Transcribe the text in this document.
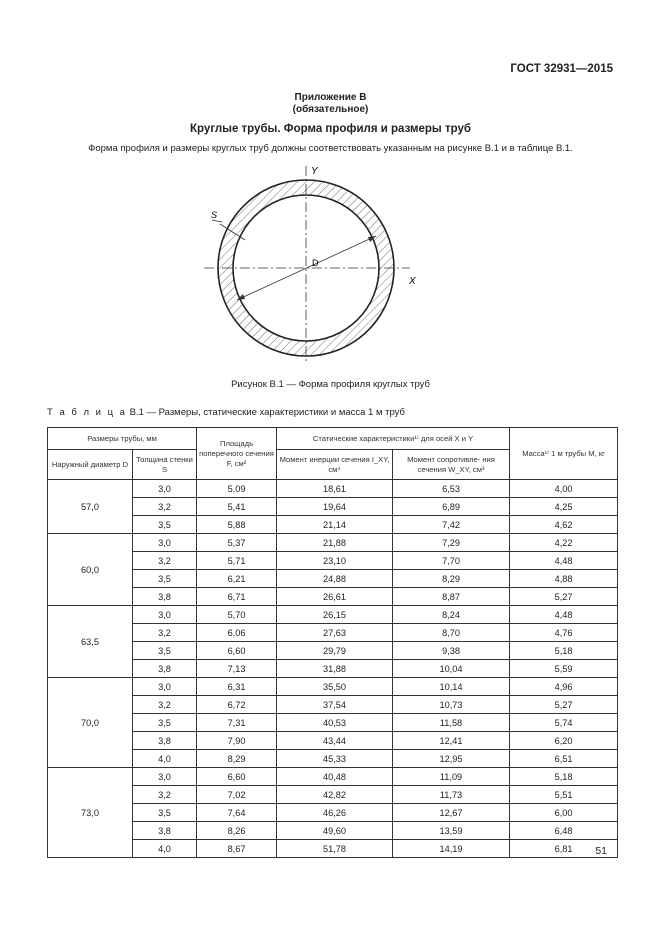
ГОСТ 32931—2015
Приложение В
(обязательное)
Круглые трубы. Форма профиля и размеры труб
Форма профиля и размеры круглых труб должны соответствовать указанным на рисунке В.1 и в таблице В.1.
Y
X
S
D
Рисунок В.1 — Форма профиля круглых труб
Т а б л и ц а В.1 — Размеры, статические характеристики и масса 1 м труб
Размеры трубы, мм		Площадь поперечного сечения F, см²	Статические характеристики¹⁾ для осей X и Y		Масса¹⁾ 1 м трубы M, кг
Наружный диаметр D	Толщина стенки S		Момент инерции сечения I_XY, см⁴	Момент сопротивле- ния сечения W_XY, см³	
57,0	3,0	5,09	18,61	6,53	4,00
	3,2	5,41	19,64	6,89	4,25
	3,5	5,88	21,14	7,42	4,62
60,0	3,0	5,37	21,88	7,29	4,22
	3,2	5,71	23,10	7,70	4,48
	3,5	6,21	24,88	8,29	4,88
	3,8	6,71	26,61	8,87	5,27
63,5	3,0	5,70	26,15	8,24	4,48
	3,2	6,06	27,63	8,70	4,76
	3,5	6,60	29,79	9,38	5,18
	3,8	7,13	31,88	10,04	5,59
70,0	3,0	6,31	35,50	10,14	4,96
	3,2	6,72	37,54	10,73	5,27
	3,5	7,31	40,53	11,58	5,74
	3,8	7,90	43,44	12,41	6,20
	4,0	8,29	45,33	12,95	6,51
73,0	3,0	6,60	40,48	11,09	5,18
	3,2	7,02	42,82	11,73	5,51
	3,5	7,64	46,26	12,67	6,00
	3,8	8,26	49,60	13,59	6,48
	4,0	8,67	51,78	14,19	6,81 51
